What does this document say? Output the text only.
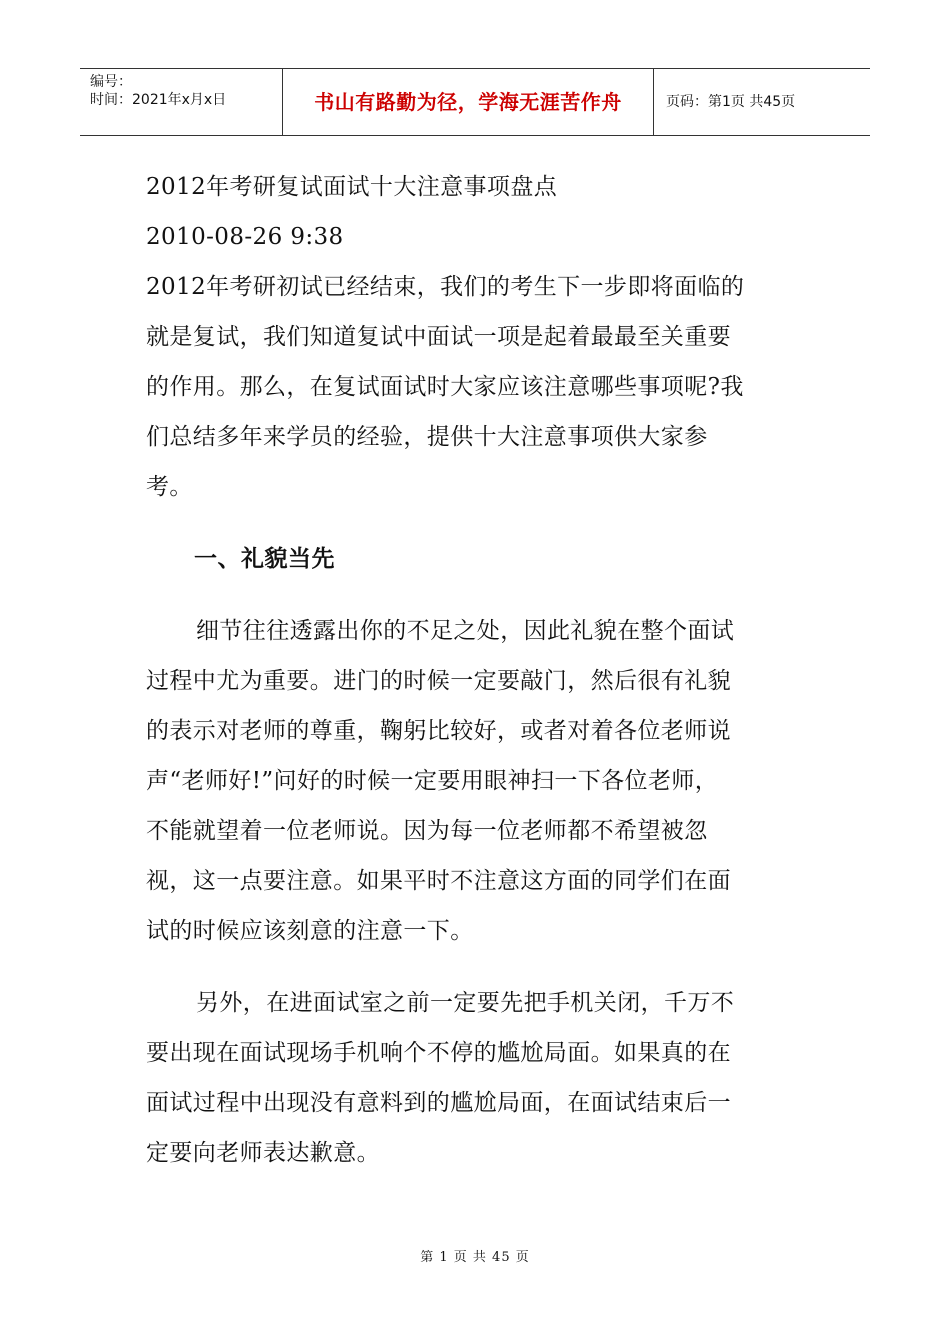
编号：
时间：2021年x月x日	书山有路勤为径，学海无涯苦作舟	页码：第1页 共45页
2012年考研复试面试十大注意事项盘点
2010-08-26 9:38
2012年考研初试已经结束，我们的考生下一步即将面临的
就是复试，我们知道复试中面试一项是起着最最至关重要
的作用。那么，在复试面试时大家应该注意哪些事项呢?我
们总结多年来学员的经验，提供十大注意事项供大家参
考。
一、礼貌当先
细节往往透露出你的不足之处，因此礼貌在整个面试
过程中尤为重要。进门的时候一定要敲门，然后很有礼貌
的表示对老师的尊重，鞠躬比较好，或者对着各位老师说
声“老师好!”问好的时候一定要用眼神扫一下各位老师，
不能就望着一位老师说。因为每一位老师都不希望被忽
视，这一点要注意。如果平时不注意这方面的同学们在面
试的时候应该刻意的注意一下。
另外，在进面试室之前一定要先把手机关闭，千万不
要出现在面试现场手机响个不停的尴尬局面。如果真的在
面试过程中出现没有意料到的尴尬局面，在面试结束后一
定要向老师表达歉意。
第 1 页 共 45 页
